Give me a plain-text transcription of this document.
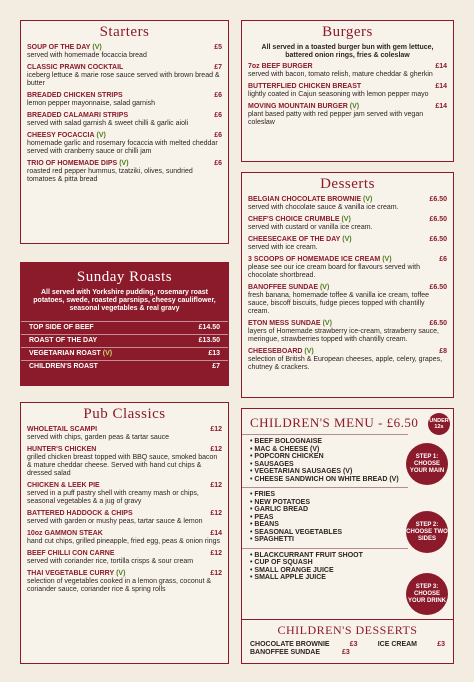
Starters
SOUP OF THE DAY (V)	£5
served with homemade focaccia bread
CLASSIC PRAWN COCKTAIL	£7
iceberg lettuce & marie rose sauce served with brown bread & butter
BREADED CHICKEN STRIPS	£6
lemon pepper mayonnaise, salad garnish
BREADED CALAMARI STRIPS	£6
served with salad garnish & sweet chilli & garlic aioli
CHEESY FOCACCIA (V)	£6
homemade garlic and rosemary focaccia with melted cheddar served with cranberry sauce or chilli jam
TRIO OF HOMEMADE DIPS (V)	£6
roasted red pepper hummus, tzatziki, olives, sundried tomatoes & pitta bread
Burgers
All served in a toasted burger bun with gem lettuce, battered onion rings, fries & coleslaw
7oz BEEF BURGER	£14
served with bacon, tomato relish, mature cheddar & gherkin
BUTTERFLIED CHICKEN BREAST	£14
lightly coated in Cajun seasoning with lemon pepper mayo
MOVING MOUNTAIN BURGER (V)	£14
plant based patty with red pepper jam served with vegan coleslaw
Desserts
BELGIAN CHOCOLATE BROWNIE (V)	£6.50
served with chocolate sauce & vanilla ice cream.
CHEF'S CHOICE CRUMBLE (V)	£6.50
served with custard or vanilla ice cream.
CHEESECAKE OF THE DAY (V)	£6.50
served with ice cream.
3 SCOOPS OF HOMEMADE ICE CREAM (V)	£6
please see our ice cream board for flavours served with chocolate shortbread.
BANOFFEE SUNDAE (V)	£6.50
fresh banana, homemade toffee & vanilla ice cream, toffee sauce, biscoff biscuits, fudge pieces topped with chantilly cream.
ETON MESS SUNDAE (V)	£6.50
layers of Homemade strawberry ice-cream, strawberry sauce, meringue, strawberries topped with chantilly cream.
CHEESEBOARD (V)	£8
selection of British & European cheeses, apple, celery, grapes, chutney & crackers.
Sunday Roasts
All served with Yorkshire pudding, rosemary roast potatoes, swede, roasted parsnips, cheesy cauliflower, seasonal vegetables & real gravy
TOP SIDE OF BEEF	£14.50
ROAST OF THE DAY	£13.50
VEGETARIAN ROAST (V)	£13
CHILDREN'S ROAST	£7
Pub Classics
WHOLETAIL SCAMPI	£12
served with chips, garden peas & tartar sauce
HUNTER'S CHICKEN	£12
grilled chicken breast topped with BBQ sauce, smoked bacon & mature cheddar cheese. Served with hand cut chips & dressed salad
CHICKEN & LEEK PIE	£12
served in a puff pastry shell with creamy mash or chips, seasonal vegetables & a jug of gravy
BATTERED HADDOCK & CHIPS	£12
served with garden or mushy peas, tartar sauce & lemon
10oz GAMMON STEAK	£14
hand cut chips, grilled pineapple, fried egg, peas & onion rings
BEEF CHILLI CON CARNE	£12
served with coriander rice, tortilla crisps & sour cream
THAI VEGETABLE CURRY (V)	£12
selection of vegetables cooked in a lemon grass, coconut & coriander sauce, coriander rice & spring rolls
CHILDREN'S MENU - £6.50	UNDER 12s
• BEEF BOLOGNAISE
• MAC & CHEESE (V)
• POPCORN CHICKEN
• SAUSAGES
• VEGETARIAN SAUSAGES (V)
• CHEESE SANDWICH ON WHITE BREAD (V)
• FRIES
• NEW POTATOES
• GARLIC BREAD
• PEAS
• BEANS
• SEASONAL VEGETABLES
• SPAGHETTI
• BLACKCURRANT FRUIT SHOOT
• CUP OF SQUASH
• SMALL ORANGE JUICE
• SMALL APPLE JUICE
STEP 1: CHOOSE YOUR MAIN
STEP 2: CHOOSE TWO SIDES
STEP 3: CHOOSE YOUR DRINK
CHILDREN'S DESSERTS
CHOCOLATE BROWNIE	£3	ICE CREAM	£3
BANOFFEE SUNDAE	£3
